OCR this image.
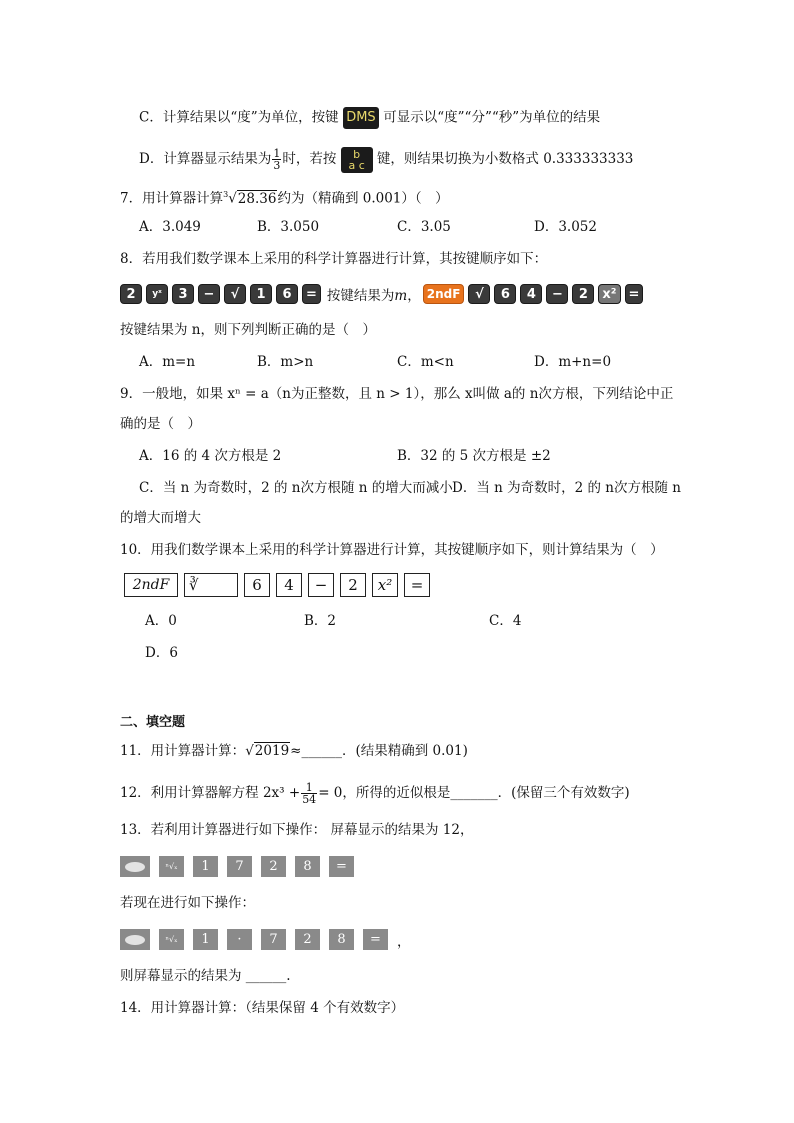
C．计算结果以“度”为单位，按键 DMS 可显示以“度”“分”“秒”为单位的结果
D．计算器显示结果为 $\frac{1}{3}$ 时，若按 b
a c 键，则结果切换为小数格式 0.333333333
7．用计算器计算$^3$√28.36约为（精确到 0.001）（　）
A．3.049	B．3.050	C．3.05	D．3.052
8．若用我们数学课本上采用的科学计算器进行计算，其按键顺序如下：
2	yˣ	3	−	√	1	6	= 按键结果为m， 2ndF	√	6	4	−	2	x² =
按键结果为 n，则下列判断正确的是（　）
A．m=n	B．m>n	C．m<n	D．m+n=0
9．一般地，如果 xⁿ = a（n为正整数，且 n > 1），那么 x叫做 a的 n次方根，下列结论中正
确的是（　）
A．16 的 4 次方根是 2	B．32 的 5 次方根是 ±2
C．当 n 为奇数时，2 的 n次方根随 n 的增大而减小 D．当 n 为奇数时，2 的 n次方根随 n
的增大而增大
10．用我们数学课本上采用的科学计算器进行计算，其按键顺序如下，则计算结果为（　）
2ndF	∛	6	4	−	2	x²	=
A．0	B．2	C．4
D．6
二、填空题
11．用计算器计算：√2019≈______．(结果精确到 0.01)
12．利用计算器解方程 $2x^3 + \frac{1}{54} = 0$，所得的近似根是_______．(保留三个有效数字)
13．若利用计算器进行如下操作： 屏幕显示的结果为 12，
ⁿ√ₓ	1	7	2	8	=
若现在进行如下操作：
ⁿ√ₓ	1	·	7	2	8	=	，
则屏幕显示的结果为 ______.
14．用计算器计算：（结果保留 4 个有效数字）
